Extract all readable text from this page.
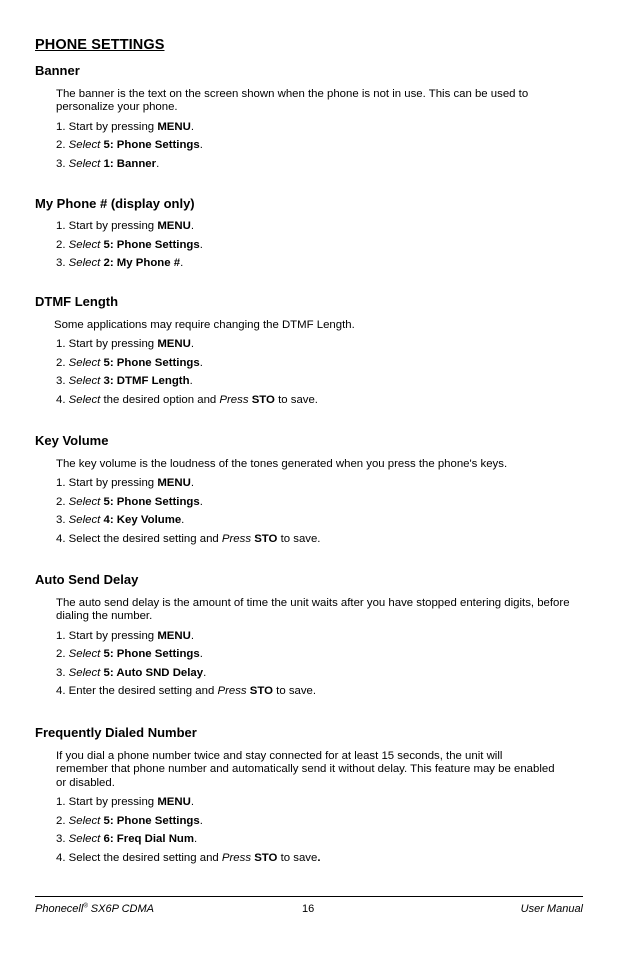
PHONE SETTINGS
Banner
The banner is the text on the screen shown when the phone is not in use. This can be used to personalize your phone.
1. Start by pressing MENU.
2. Select 5: Phone Settings.
3. Select 1: Banner.
My Phone # (display only)
1. Start by pressing MENU.
2. Select 5: Phone Settings.
3. Select 2: My Phone #.
DTMF Length
Some applications may require changing the DTMF Length.
1. Start by pressing MENU.
2. Select 5: Phone Settings.
3. Select 3: DTMF Length.
4. Select the desired option and Press STO to save.
Key Volume
The key volume is the loudness of the tones generated when you press the phone's keys.
1. Start by pressing MENU.
2. Select 5: Phone Settings.
3. Select 4: Key Volume.
4. Select the desired setting and Press STO to save.
Auto Send Delay
The auto send delay is the amount of time the unit waits after you have stopped entering digits, before dialing the number.
1. Start by pressing MENU.
2. Select 5: Phone Settings.
3. Select 5: Auto SND Delay.
4. Enter the desired setting and Press STO to save.
Frequently Dialed Number
If you dial a phone number twice and stay connected for at least 15 seconds, the unit will remember that phone number and automatically send it without delay. This feature may be enabled or disabled.
1. Start by pressing MENU.
2. Select 5: Phone Settings.
3. Select 6: Freq Dial Num.
4. Select the desired setting and Press STO to save.
Phonecell® SX6P CDMA	16	User Manual
